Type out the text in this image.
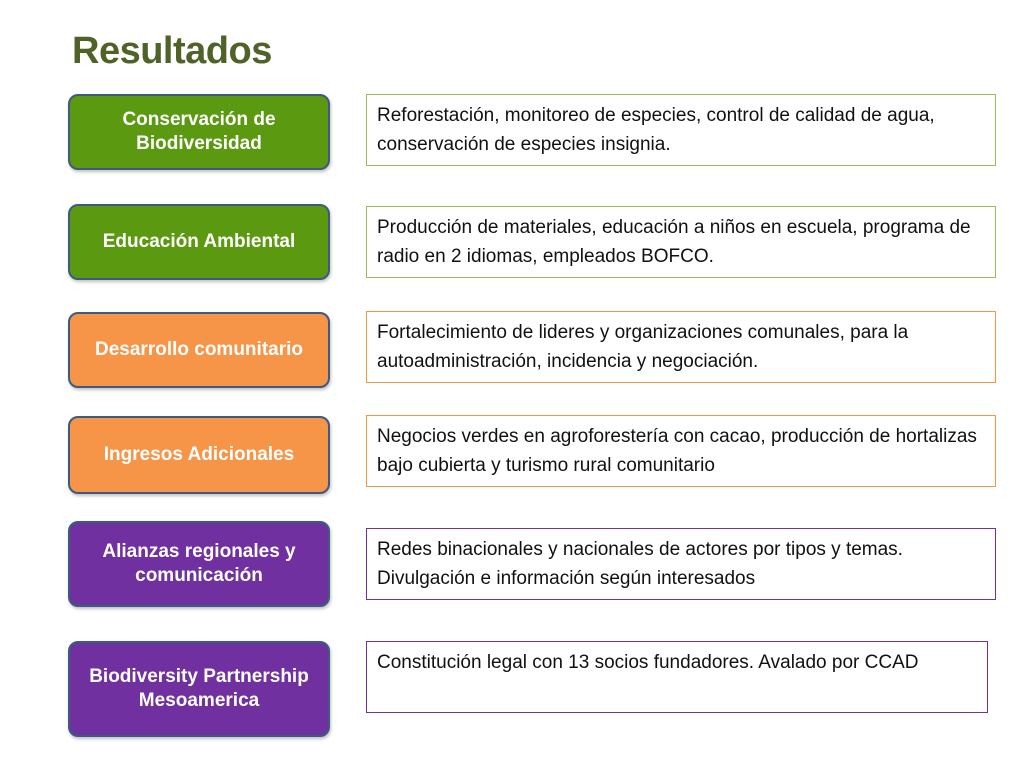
Resultados
Conservación de Biodiversidad
Reforestación, monitoreo de especies, control de calidad de agua, conservación de especies insignia.
Educación Ambiental
Producción de materiales, educación a niños en escuela, programa de radio en 2 idiomas, empleados BOFCO.
Desarrollo comunitario
Fortalecimiento de lideres y organizaciones comunales, para la autoadministración, incidencia y negociación.
Ingresos Adicionales
Negocios verdes en agroforestería con cacao, producción de hortalizas bajo cubierta y turismo rural comunitario
Alianzas regionales y comunicación
Redes binacionales y nacionales de actores por tipos y temas. Divulgación e información según interesados
Biodiversity Partnership Mesoamerica
Constitución legal con 13 socios fundadores. Avalado por CCAD
